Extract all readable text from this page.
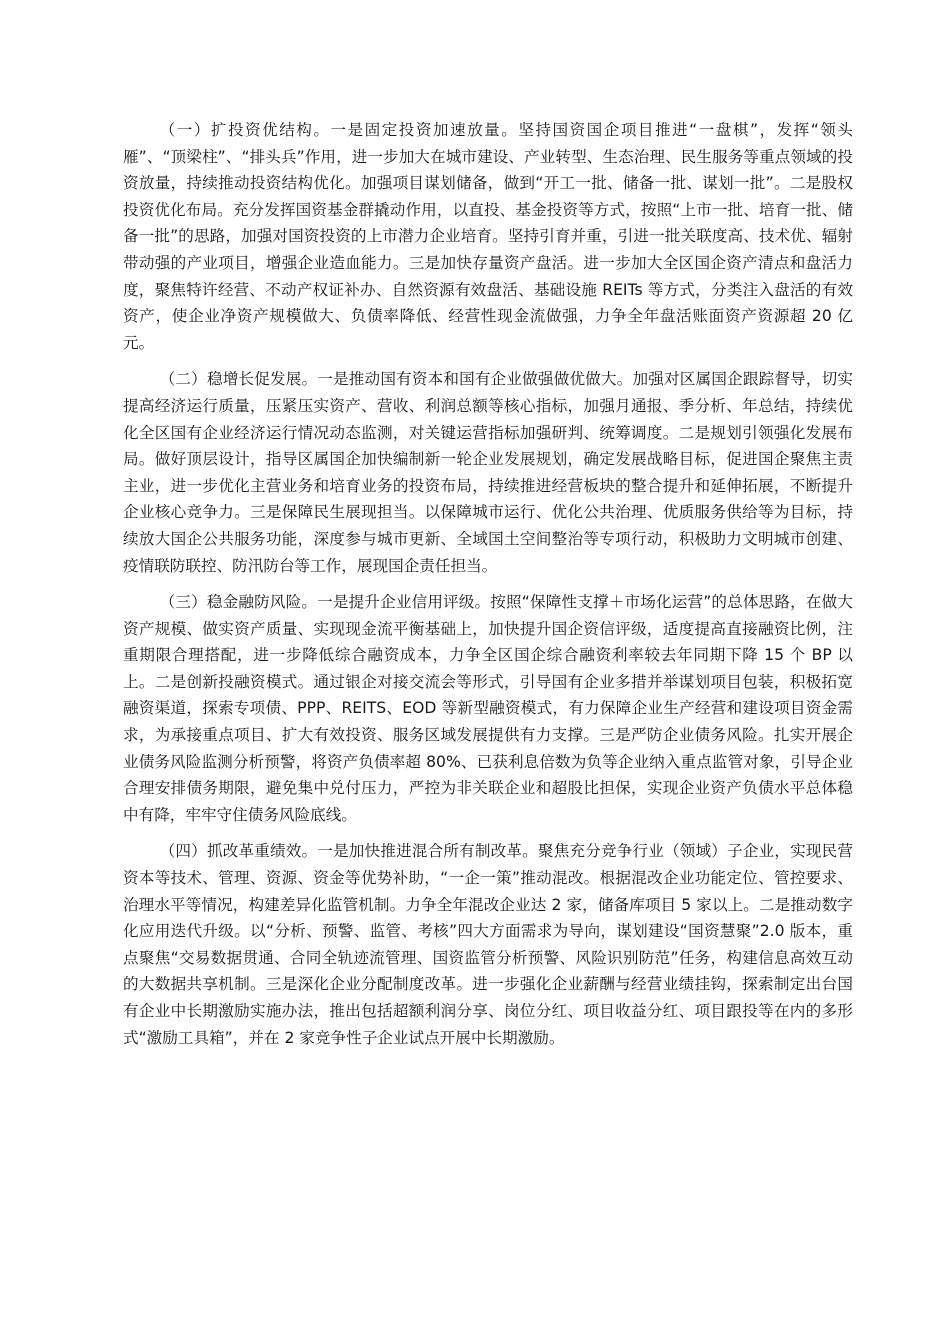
（一）扩投资优结构。一是固定投资加速放量。坚持国资国企项目推进“一盘棋”，发挥“领头雁”、“顶梁柱”、“排头兵”作用，进一步加大在城市建设、产业转型、生态治理、民生服务等重点领域的投资放量，持续推动投资结构优化。加强项目谋划储备，做到“开工一批、储备一批、谋划一批”。二是股权投资优化布局。充分发挥国资基金群撬动作用，以直投、基金投资等方式，按照“上市一批、培育一批、储备一批”的思路，加强对国资投资的上市潜力企业培育。坚持引育并重，引进一批关联度高、技术优、辐射带动强的产业项目，增强企业造血能力。三是加快存量资产盘活。进一步加大全区国企资产清点和盘活力度，聚焦特许经营、不动产权证补办、自然资源有效盘活、基础设施 REITs 等方式，分类注入盘活的有效资产，使企业净资产规模做大、负债率降低、经营性现金流做强，力争全年盘活账面资产资源超 20 亿元。

（二）稳增长促发展。一是推动国有资本和国有企业做强做优做大。加强对区属国企跟踪督导，切实提高经济运行质量，压紧压实资产、营收、利润总额等核心指标，加强月通报、季分析、年总结，持续优化全区国有企业经济运行情况动态监测，对关键运营指标加强研判、统筹调度。二是规划引领强化发展布局。做好顶层设计，指导区属国企加快编制新一轮企业发展规划，确定发展战略目标，促进国企聚焦主责主业，进一步优化主营业务和培育业务的投资布局，持续推进经营板块的整合提升和延伸拓展，不断提升企业核心竞争力。三是保障民生展现担当。以保障城市运行、优化公共治理、优质服务供给等为目标，持续放大国企公共服务功能，深度参与城市更新、全域国土空间整治等专项行动，积极助力文明城市创建、疫情联防联控、防汛防台等工作，展现国企责任担当。

（三）稳金融防风险。一是提升企业信用评级。按照“保障性支撑＋市场化运营”的总体思路，在做大资产规模、做实资产质量、实现现金流平衡基础上，加快提升国企资信评级，适度提高直接融资比例，注重期限合理搭配，进一步降低综合融资成本，力争全区国企综合融资利率较去年同期下降 15 个 BP 以上。二是创新投融资模式。通过银企对接交流会等形式，引导国有企业多措并举谋划项目包装，积极拓宽融资渠道，探索专项债、PPP、REITS、EOD 等新型融资模式，有力保障企业生产经营和建设项目资金需求，为承接重点项目、扩大有效投资、服务区域发展提供有力支撑。三是严防企业债务风险。扎实开展企业债务风险监测分析预警，将资产负债率超 80%、已获利息倍数为负等企业纳入重点监管对象，引导企业合理安排债务期限，避免集中兑付压力，严控为非关联企业和超股比担保，实现企业资产负债水平总体稳中有降，牢牢守住债务风险底线。

（四）抓改革重绩效。一是加快推进混合所有制改革。聚焦充分竞争行业（领域）子企业，实现民营资本等技术、管理、资源、资金等优势补助，“一企一策”推动混改。根据混改企业功能定位、管控要求、治理水平等情况，构建差异化监管机制。力争全年混改企业达 2 家，储备库项目 5 家以上。二是推动数字化应用迭代升级。以“分析、预警、监管、考核”四大方面需求为导向，谋划建设“国资慧聚”2.0 版本，重点聚焦“交易数据贯通、合同全轨迹流管理、国资监管分析预警、风险识别防范”任务，构建信息高效互动的大数据共享机制。三是深化企业分配制度改革。进一步强化企业薪酬与经营业绩挂钩，探索制定出台国有企业中长期激励实施办法，推出包括超额利润分享、岗位分红、项目收益分红、项目跟投等在内的多形式“激励工具箱”，并在 2 家竞争性子企业试点开展中长期激励。
